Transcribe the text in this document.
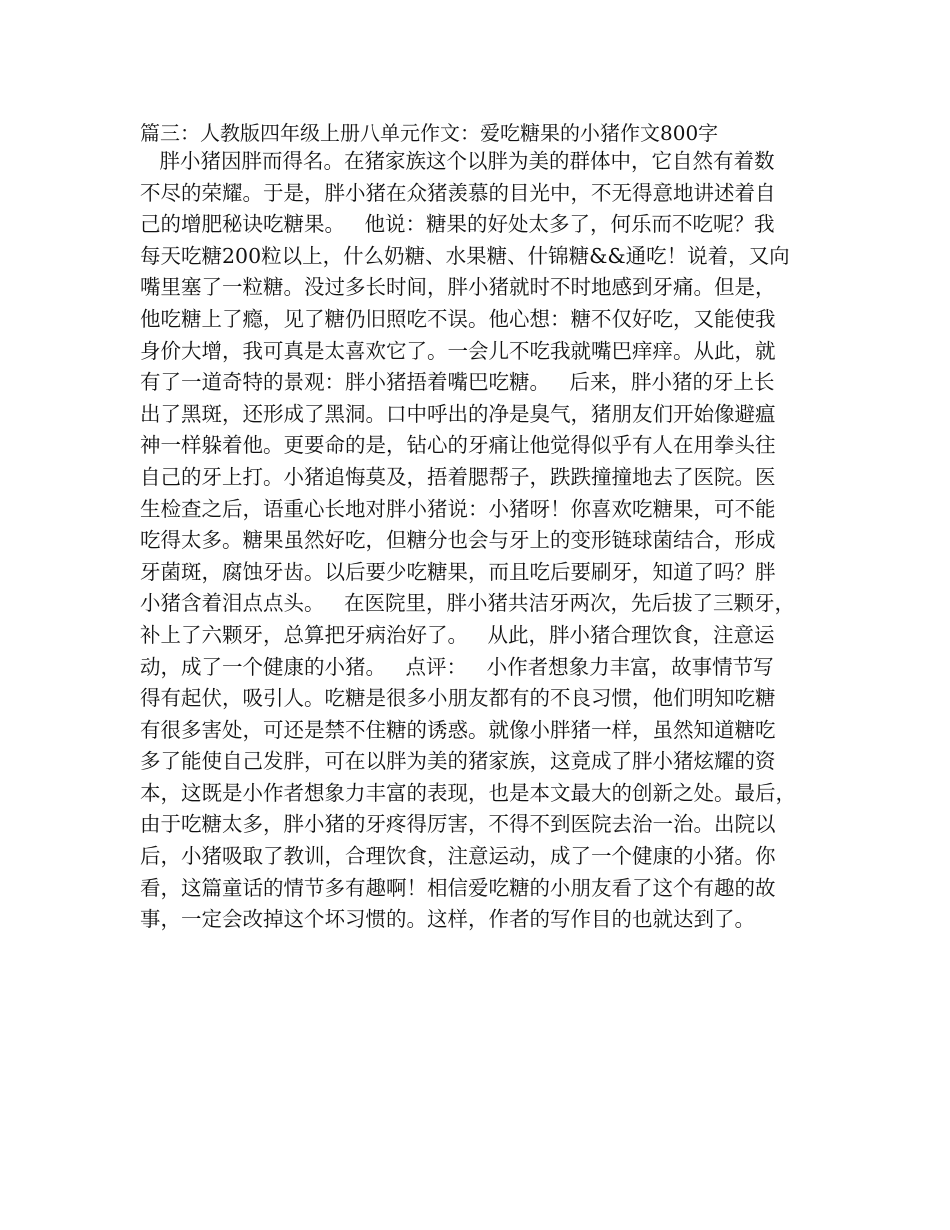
篇三：人教版四年级上册八单元作文：爱吃糖果的小猪作文800字
胖小猪因胖而得名。在猪家族这个以胖为美的群体中，它自然有着数
不尽的荣耀。于是，胖小猪在众猪羡慕的目光中，不无得意地讲述着自
己的增肥秘诀吃糖果。   他说：糖果的好处太多了，何乐而不吃呢？我
每天吃糖200粒以上，什么奶糖、水果糖、什锦糖&&通吃！说着，又向
嘴里塞了一粒糖。没过多长时间，胖小猪就时不时地感到牙痛。但是，
他吃糖上了瘾，见了糖仍旧照吃不误。他心想：糖不仅好吃，又能使我
身价大增，我可真是太喜欢它了。一会儿不吃我就嘴巴痒痒。从此，就
有了一道奇特的景观：胖小猪捂着嘴巴吃糖。   后来，胖小猪的牙上长
出了黑斑，还形成了黑洞。口中呼出的净是臭气，猪朋友们开始像避瘟
神一样躲着他。更要命的是，钻心的牙痛让他觉得似乎有人在用拳头往
自己的牙上打。小猪追悔莫及，捂着腮帮子，跌跌撞撞地去了医院。医
生检查之后，语重心长地对胖小猪说：小猪呀！你喜欢吃糖果，可不能
吃得太多。糖果虽然好吃，但糖分也会与牙上的变形链球菌结合，形成
牙菌斑，腐蚀牙齿。以后要少吃糖果，而且吃后要刷牙，知道了吗？胖
小猪含着泪点点头。   在医院里，胖小猪共洁牙两次，先后拔了三颗牙，
补上了六颗牙，总算把牙病治好了。   从此，胖小猪合理饮食，注意运
动，成了一个健康的小猪。   点评：   小作者想象力丰富，故事情节写
得有起伏，吸引人。吃糖是很多小朋友都有的不良习惯，他们明知吃糖
有很多害处，可还是禁不住糖的诱惑。就像小胖猪一样，虽然知道糖吃
多了能使自己发胖，可在以胖为美的猪家族，这竟成了胖小猪炫耀的资
本，这既是小作者想象力丰富的表现，也是本文最大的创新之处。最后，
由于吃糖太多，胖小猪的牙疼得厉害，不得不到医院去治一治。出院以
后，小猪吸取了教训，合理饮食，注意运动，成了一个健康的小猪。你
看，这篇童话的情节多有趣啊！相信爱吃糖的小朋友看了这个有趣的故
事，一定会改掉这个坏习惯的。这样，作者的写作目的也就达到了。
